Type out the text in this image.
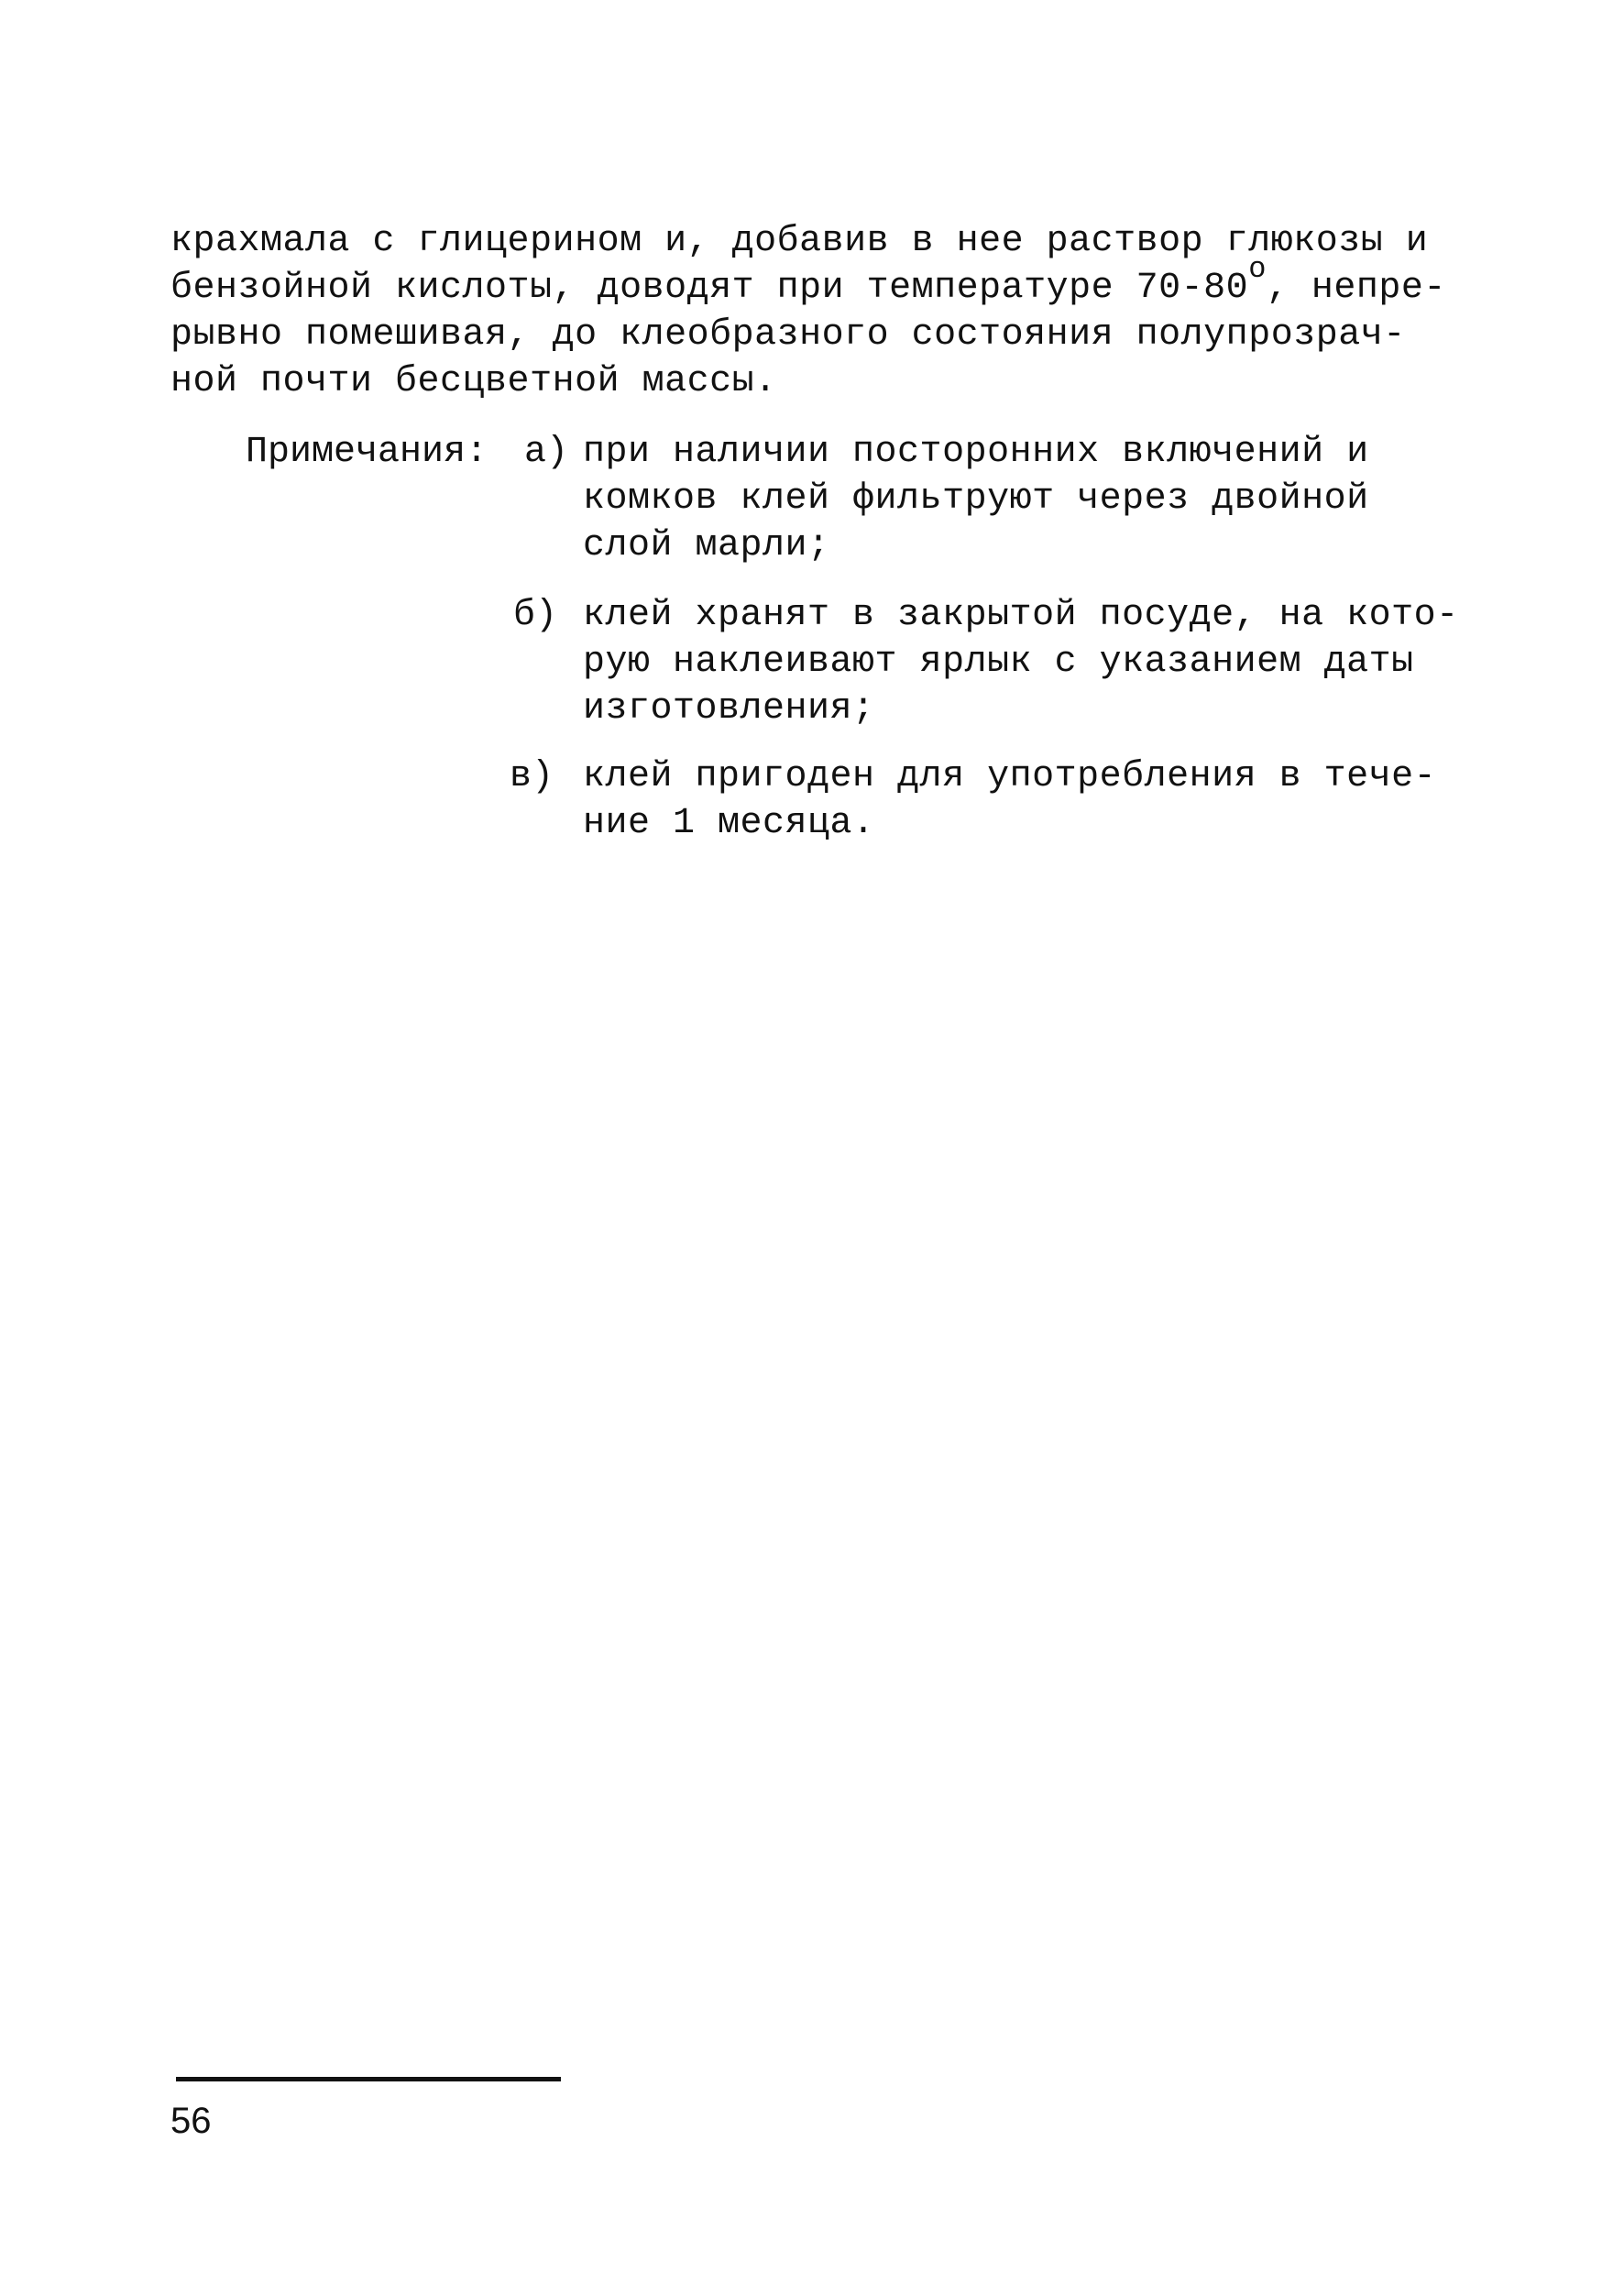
крахмала с глицерином и, добавив в нее раствор глюкозы и
бензойной кислоты, доводят при температуре $70-80^о$, непре-
рывно помешивая, до клеобразного состояния полупрозрач-
ной почти бесцветной массы.
Примечания: а) при наличии посторонних включений и
комков клей фильтруют через двойной
слой марли;
б) клей хранят в закрытой посуде, на кото-
рую наклеивают ярлык с указанием даты
изготовления;
в) клей пригоден для употребления в тече-
ние 1 месяца.
56
